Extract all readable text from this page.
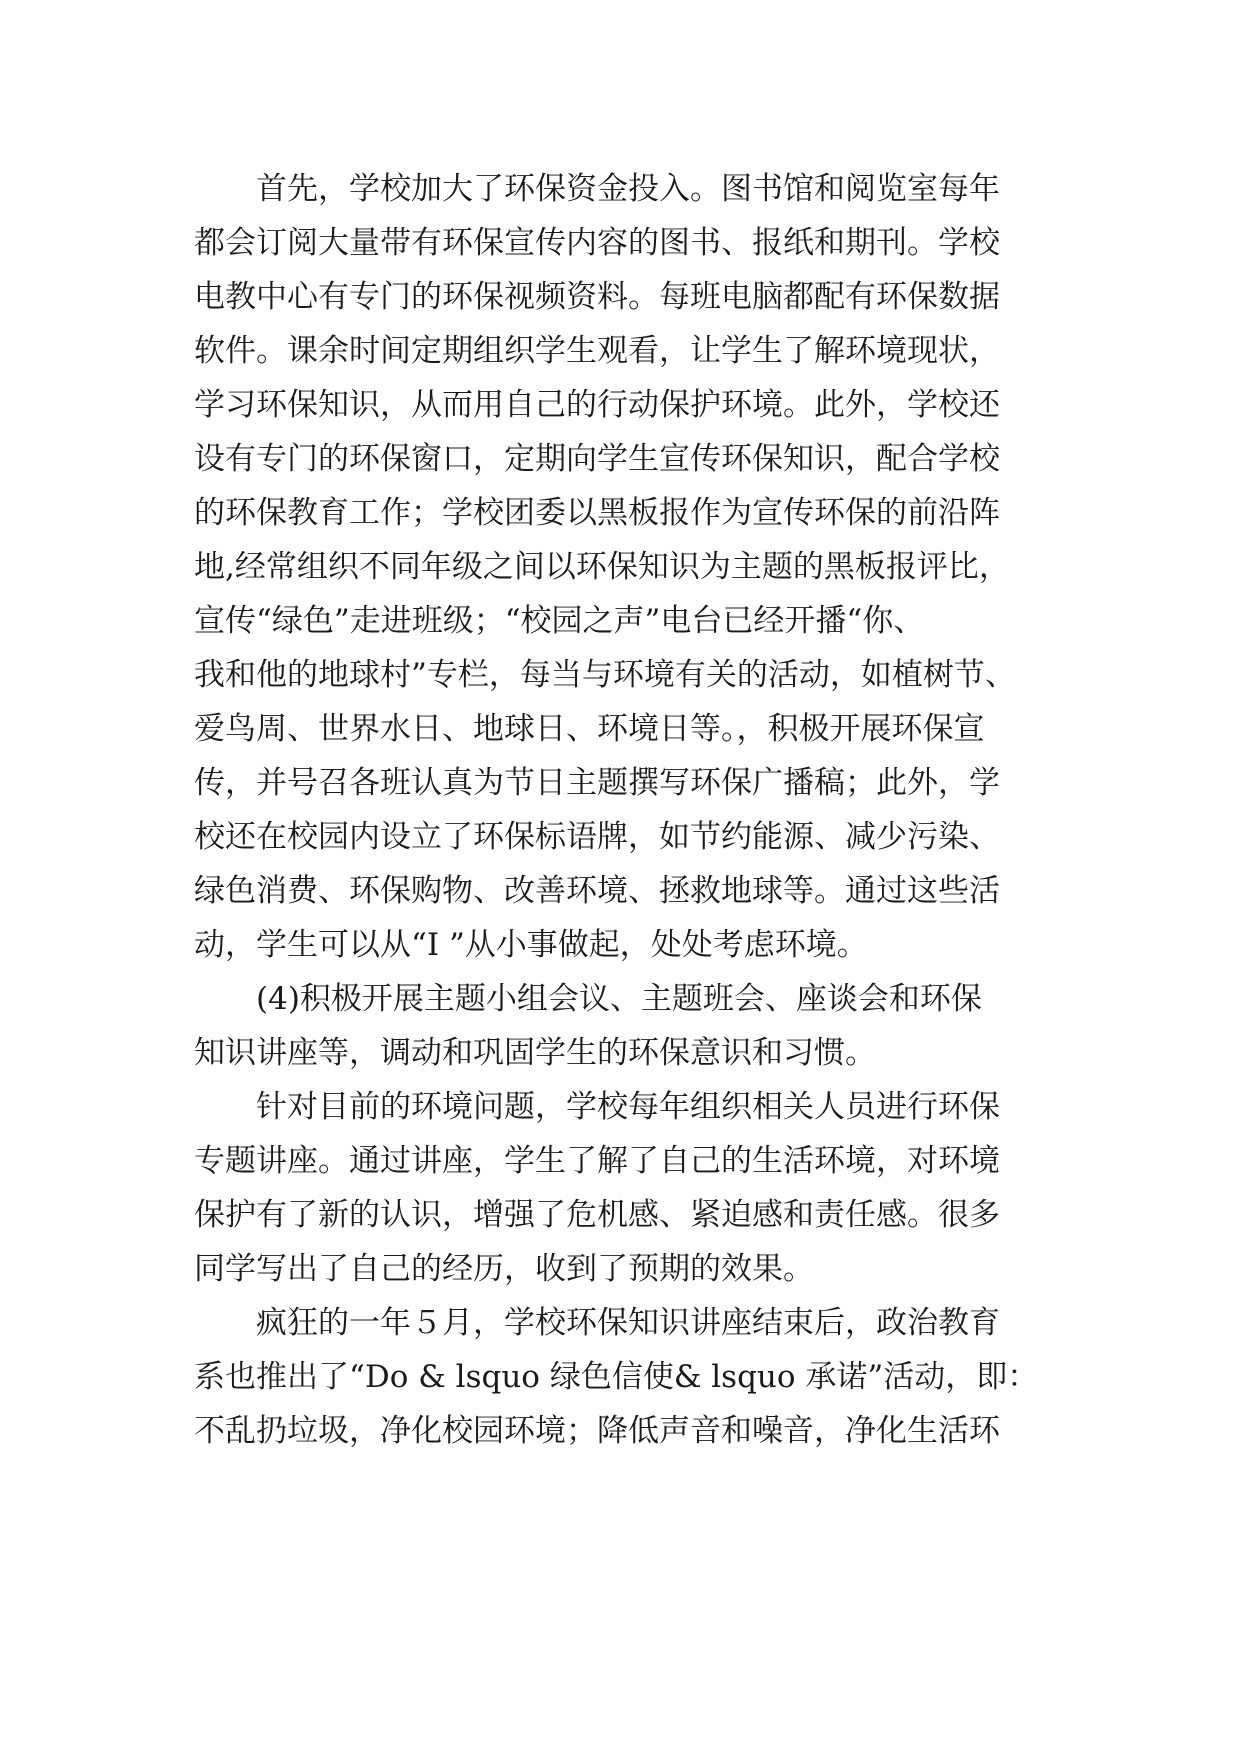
　　首先，学校加大了环保资金投入。图书馆和阅览室每年
都会订阅大量带有环保宣传内容的图书、报纸和期刊。学校
电教中心有专门的环保视频资料。每班电脑都配有环保数据
软件。课余时间定期组织学生观看，让学生了解环境现状，
学习环保知识，从而用自己的行动保护环境。此外，学校还
设有专门的环保窗口，定期向学生宣传环保知识，配合学校
的环保教育工作；学校团委以黑板报作为宣传环保的前沿阵
地,经常组织不同年级之间以环保知识为主题的黑板报评比，
宣传“绿色”走进班级；“校园之声”电台已经开播“你、
我和他的地球村”专栏，每当与环境有关的活动，如植树节、
爱鸟周、世界水日、地球日、环境日等。，积极开展环保宣
传，并号召各班认真为节日主题撰写环保广播稿；此外，学
校还在校园内设立了环保标语牌，如节约能源、减少污染、
绿色消费、环保购物、改善环境、拯救地球等。通过这些活
动，学生可以从“I ”从小事做起，处处考虑环境。
　　(4)积极开展主题小组会议、主题班会、座谈会和环保
知识讲座等，调动和巩固学生的环保意识和习惯。
　　针对目前的环境问题，学校每年组织相关人员进行环保
专题讲座。通过讲座，学生了解了自己的生活环境，对环境
保护有了新的认识，增强了危机感、紧迫感和责任感。很多
同学写出了自己的经历，收到了预期的效果。
　　疯狂的一年５月，学校环保知识讲座结束后，政治教育
系也推出了“Do & lsquo 绿色信使& lsquo 承诺”活动，即：
不乱扔垃圾，净化校园环境；降低声音和噪音，净化生活环
